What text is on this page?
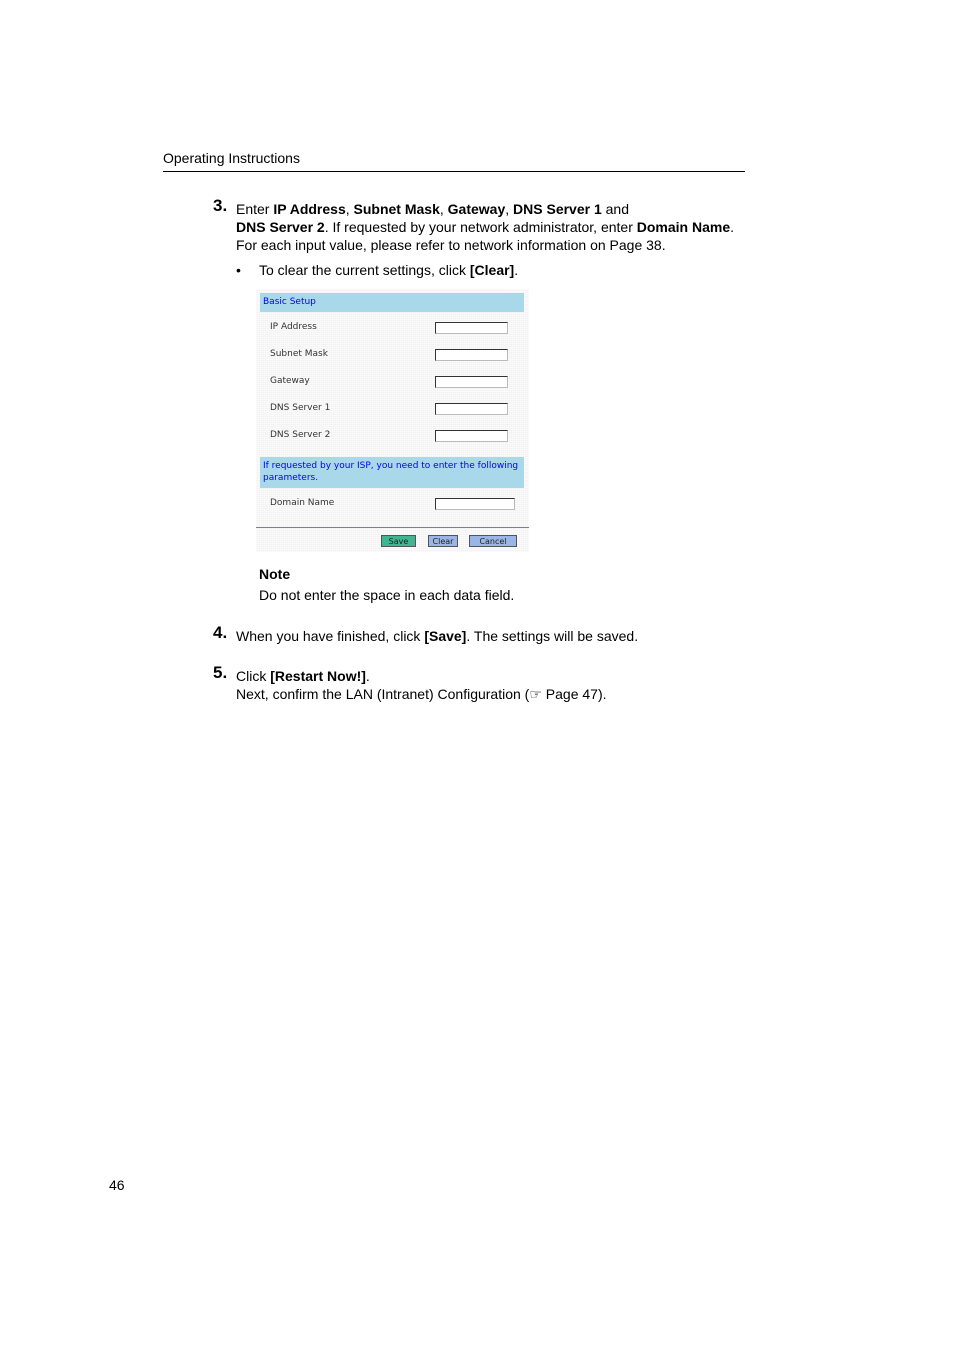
Operating Instructions
3. Enter IP Address, Subnet Mask, Gateway, DNS Server 1 and

DNS Server 2. If requested by your network administrator, enter Domain Name.

For each input value, please refer to network information on Page 38.

• To clear the current settings, click [Clear].
Basic Setup
IP Address
Subnet Mask
Gateway
DNS Server 1
DNS Server 2
If requested by your ISP, you need to enter the following parameters.
Domain Name
Save	Clear	Cancel
Note
Do not enter the space in each data field.
4. When you have finished, click [Save]. The settings will be saved.

5. Click [Restart Now!].

Next, confirm the LAN (Intranet) Configuration (☞ Page 47).

46
